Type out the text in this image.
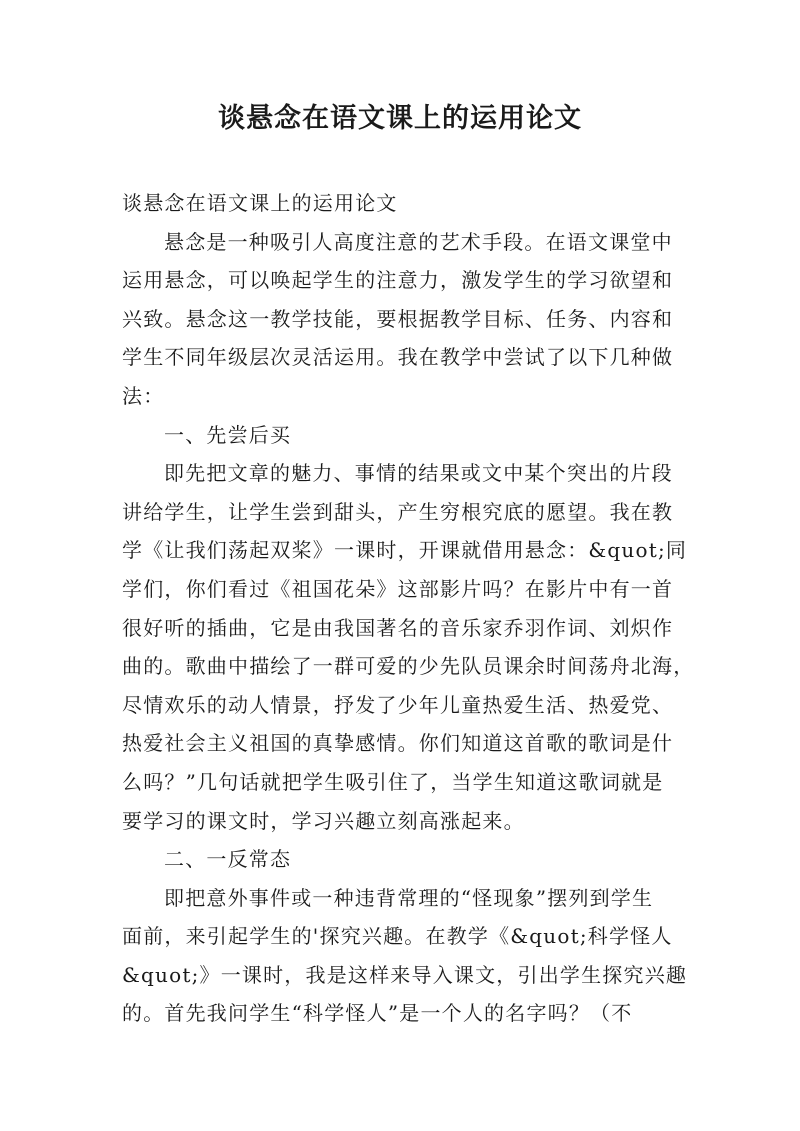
谈悬念在语文课上的运用论文
谈悬念在语文课上的运用论文
悬念是一种吸引人高度注意的艺术手段。在语文课堂中
运用悬念，可以唤起学生的注意力，激发学生的学习欲望和
兴致。悬念这一教学技能，要根据教学目标、任务、内容和
学生不同年级层次灵活运用。我在教学中尝试了以下几种做
法：
一、先尝后买
即先把文章的魅力、事情的结果或文中某个突出的片段
讲给学生，让学生尝到甜头，产生穷根究底的愿望。我在教
学《让我们荡起双桨》一课时，开课就借用悬念：&quot;同
学们，你们看过《祖国花朵》这部影片吗？在影片中有一首
很好听的插曲，它是由我国著名的音乐家乔羽作词、刘炽作
曲的。歌曲中描绘了一群可爱的少先队员课余时间荡舟北海，
尽情欢乐的动人情景，抒发了少年儿童热爱生活、热爱党、
热爱社会主义祖国的真挚感情。你们知道这首歌的歌词是什
么吗？”几句话就把学生吸引住了，当学生知道这歌词就是
要学习的课文时，学习兴趣立刻高涨起来。
二、一反常态
即把意外事件或一种违背常理的“怪现象”摆列到学生
面前，来引起学生的'探究兴趣。在教学《&quot;科学怪人
&quot;》一课时，我是这样来导入课文，引出学生探究兴趣
的。首先我问学生“科学怪人”是一个人的名字吗？（不
